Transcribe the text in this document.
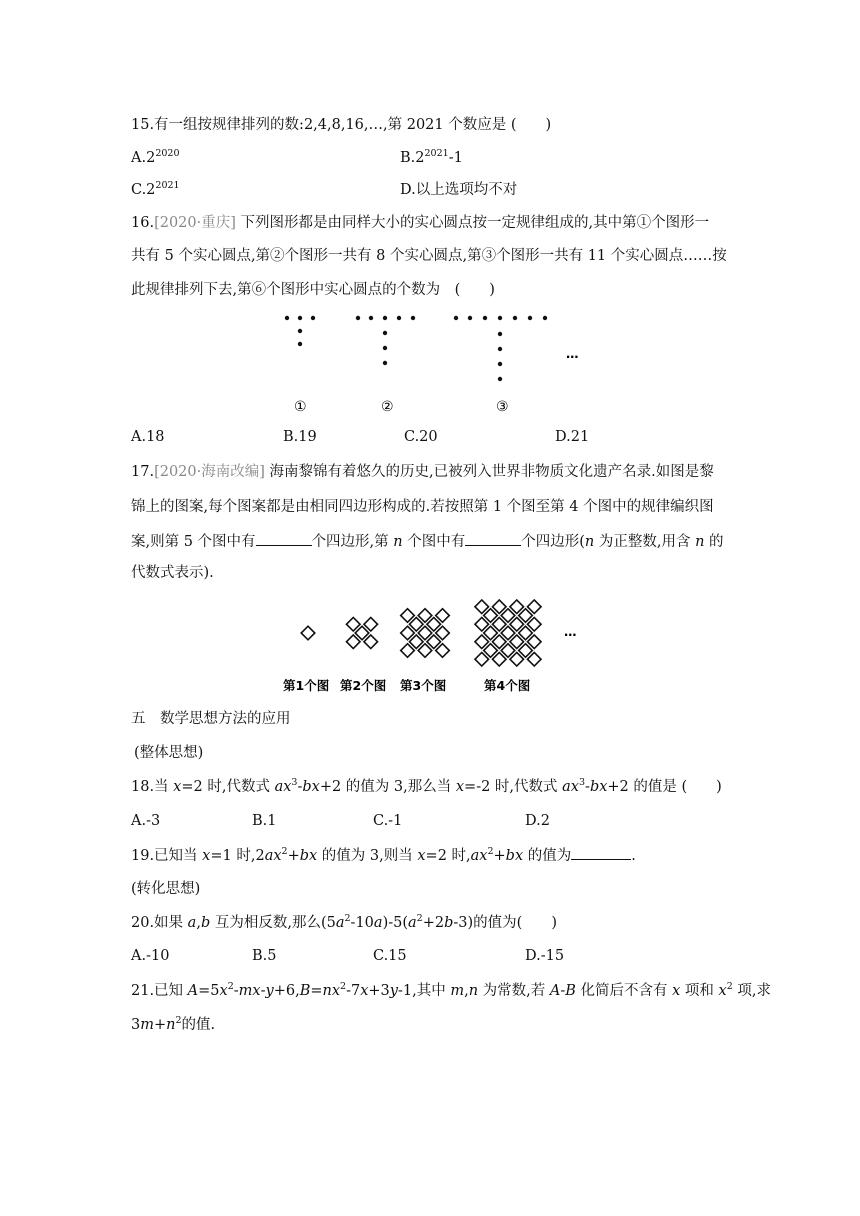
15.有一组按规律排列的数:2,4,8,16,…,第 2021 个数应是 (　　)
$A.2^{2020}$	$B.2^{2021}-1$
$C.2^{2021}$	D.以上选项均不对
16.[2020·重庆] 下列图形都是由同样大小的实心圆点按一定规律组成的,其中第①个图形一
共有 5 个实心圆点,第②个图形一共有 8 个实心圆点,第③个图形一共有 11 个实心圆点……按
此规律排列下去,第⑥个图形中实心圆点的个数为　(　　)
…
①	②	③
A.18	B.19	C.20	D.21
17.[2020·海南改编] 海南黎锦有着悠久的历史,已被列入世界非物质文化遗产名录.如图是黎
锦上的图案,每个图案都是由相同四边形构成的.若按照第 1 个图至第 4 个图中的规律编织图
案,则第 5 个图中有	个四边形,第 n 个图中有	个四边形(n 为正整数,用含 n 的
代数式表示).
…
第1个图 第2个图 第3个图	第4个图
五　数学思想方法的应用
(整体思想)
18.当 x=2 时,代数式 $ax^3-bx+2$ 的值为 3,那么当 x=-2 时,代数式 $ax^3-bx+2$ 的值是 (　　)
A.-3	B.1	C.-1	D.2
19.已知当 x=1 时$,2ax^2+bx$ 的值为 3,则当 x=2 时$,ax^2+bx$ 的值为	.
(转化思想)
20.如果 a,b 互为相反数,那么$(5a^2-10a)-5(a^2+2b-3)$的值为(　　)
A.-10	B.5	C.15	D.-15
21.已知 $A=5x^2-mx-y+6,B=nx^2-7x+3y-1$,其中 m,n 为常数,若 A-B 化简后不含有 x 项和 $x^2$ 项,求
$3m+n^2$的值.
